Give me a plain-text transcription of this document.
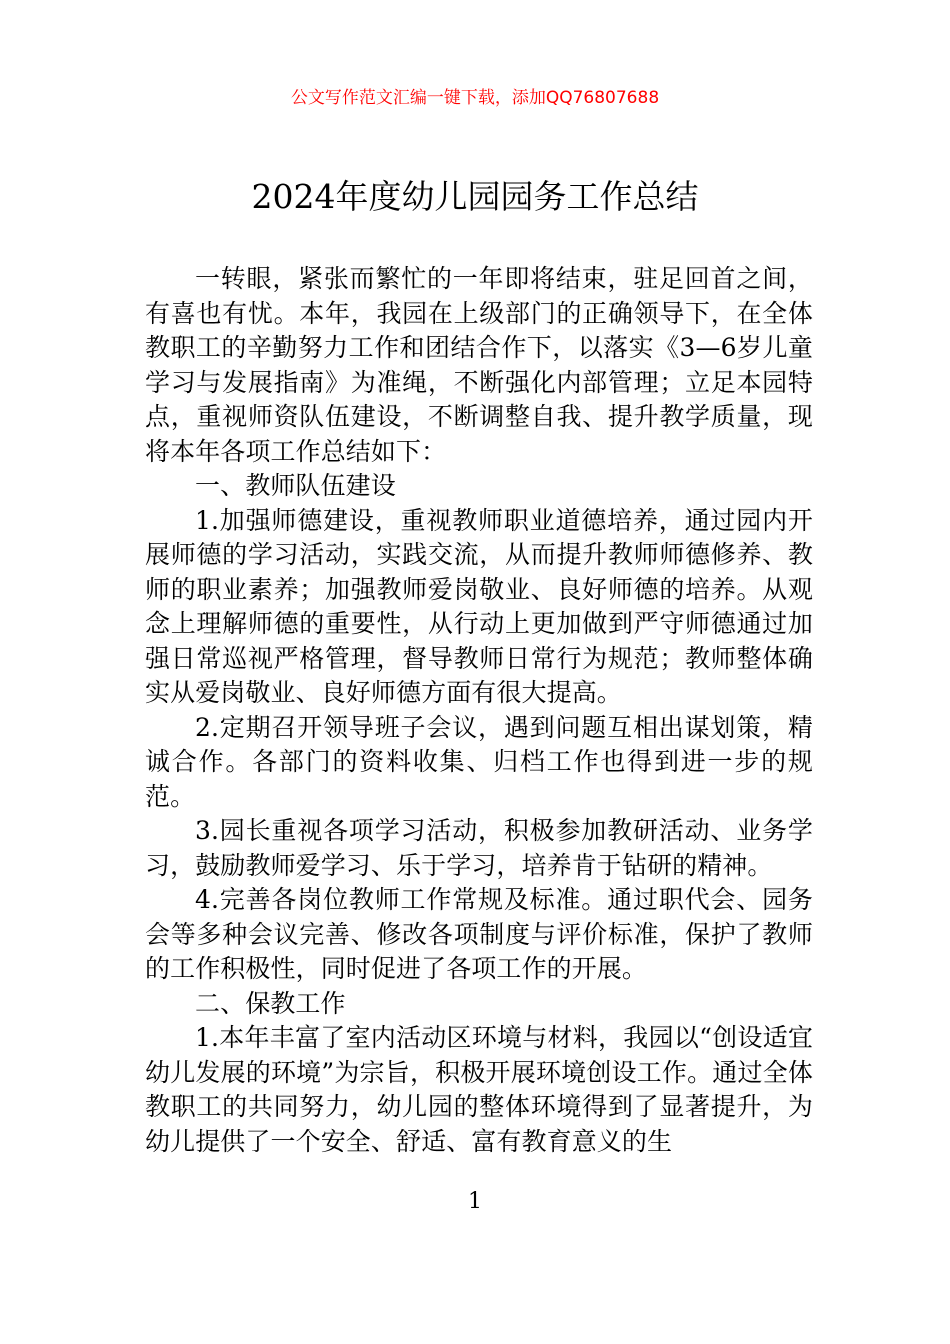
公文写作范文汇编一键下载，添加QQ76807688
2024年度幼儿园园务工作总结

一转眼，紧张而繁忙的一年即将结束，驻足回首之间，有喜也有忧。本年，我园在上级部门的正确领导下，在全体教职工的辛勤努力工作和团结合作下，以落实《3—6岁儿童学习与发展指南》为准绳，不断强化内部管理；立足本园特点，重视师资队伍建设，不断调整自我、提升教学质量，现将本年各项工作总结如下：

一、教师队伍建设

1.加强师德建设，重视教师职业道德培养，通过园内开展师德的学习活动，实践交流，从而提升教师师德修养、教师的职业素养；加强教师爱岗敬业、良好师德的培养。从观念上理解师德的重要性，从行动上更加做到严守师德通过加强日常巡视严格管理，督导教师日常行为规范；教师整体确实从爱岗敬业、良好师德方面有很大提高。

2.定期召开领导班子会议，遇到问题互相出谋划策，精诚合作。各部门的资料收集、归档工作也得到进一步的规范。

3.园长重视各项学习活动，积极参加教研活动、业务学习，鼓励教师爱学习、乐于学习，培养肯于钻研的精神。

4.完善各岗位教师工作常规及标准。通过职代会、园务会等多种会议完善、修改各项制度与评价标准，保护了教师的工作积极性，同时促进了各项工作的开展。

二、保教工作

1.本年丰富了室内活动区环境与材料，我园以“创设适宜幼儿发展的环境”为宗旨，积极开展环境创设工作。通过全体教职工的共同努力，幼儿园的整体环境得到了显著提升，为幼儿提供了一个安全、舒适、富有教育意义的生

1
